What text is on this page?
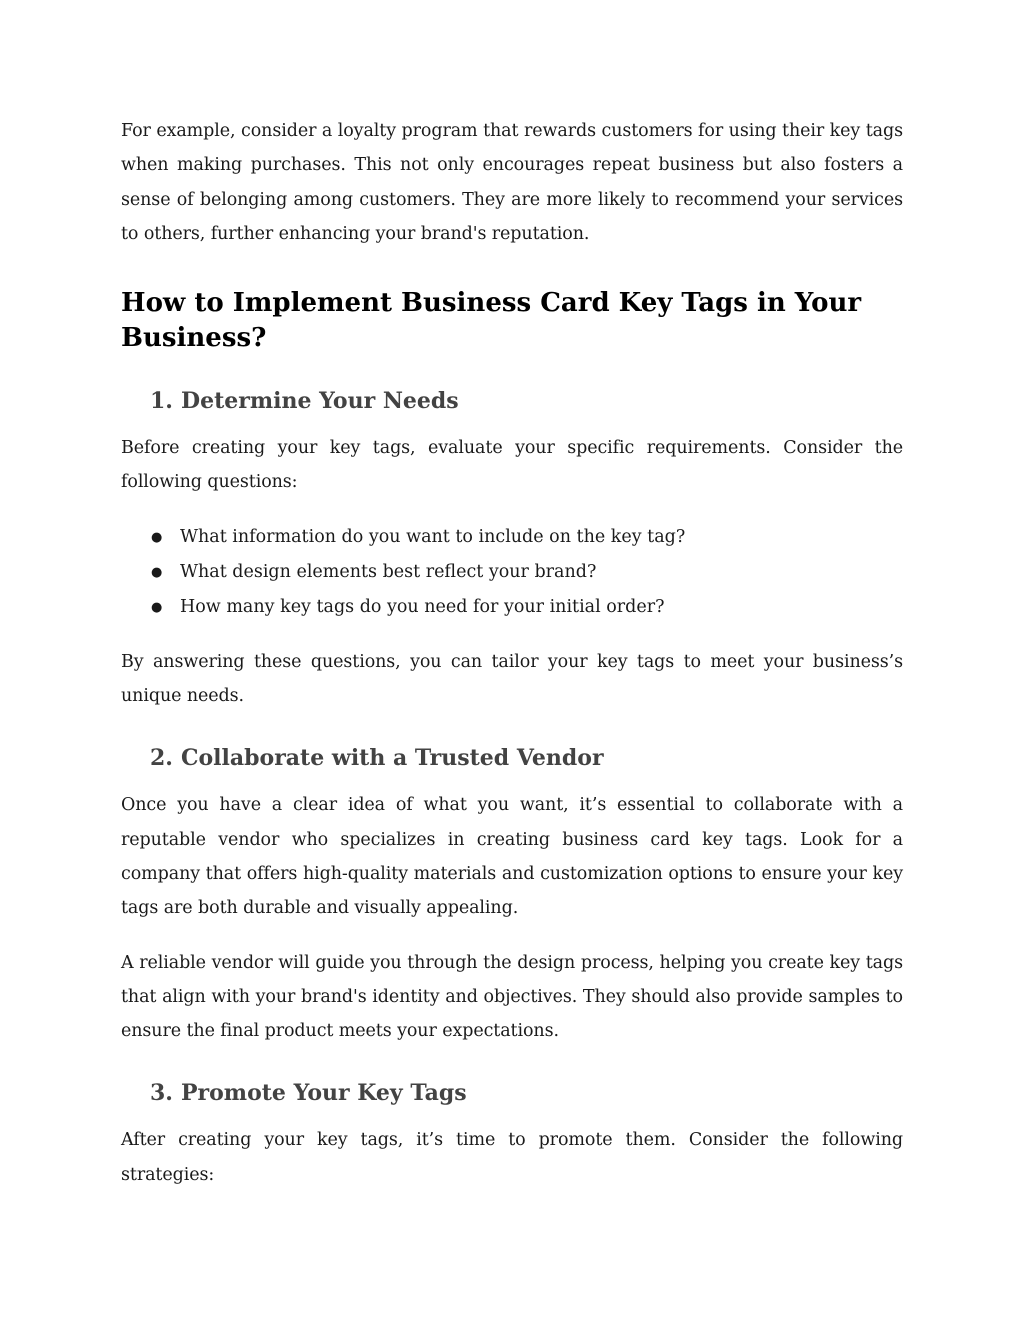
For example, consider a loyalty program that rewards customers for using their key tags when making purchases. This not only encourages repeat business but also fosters a sense of belonging among customers. They are more likely to recommend your services to others, further enhancing your brand's reputation.

How to Implement Business Card Key Tags in Your Business?
1. Determine Your Needs

Before creating your key tags, evaluate your specific requirements. Consider the following questions:

●	What information do you want to include on the key tag?
●	What design elements best reflect your brand?
●	How many key tags do you need for your initial order?

By answering these questions, you can tailor your key tags to meet your business’s unique needs.

2. Collaborate with a Trusted Vendor

Once you have a clear idea of what you want, it’s essential to collaborate with a reputable vendor who specializes in creating business card key tags. Look for a company that offers high-quality materials and customization options to ensure your key tags are both durable and visually appealing.

A reliable vendor will guide you through the design process, helping you create key tags that align with your brand's identity and objectives. They should also provide samples to ensure the final product meets your expectations.

3. Promote Your Key Tags

After creating your key tags, it’s time to promote them. Consider the following strategies:
